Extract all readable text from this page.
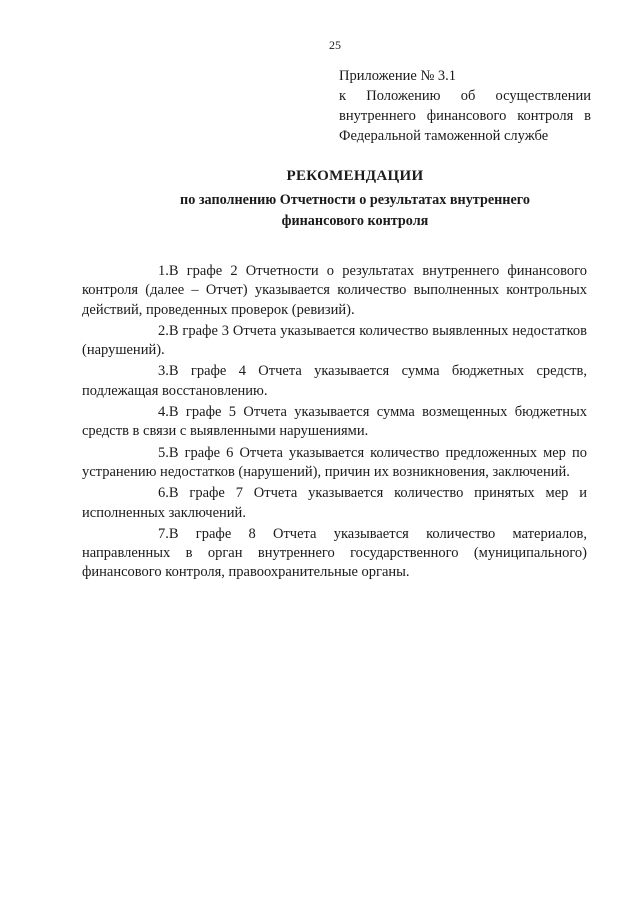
25
Приложение № 3.1
к Положению об осуществлении
внутреннего финансового контроля в
Федеральной таможенной службе
РЕКОМЕНДАЦИИ
по заполнению Отчетности о результатах внутреннего
финансового контроля

1.В графе 2 Отчетности о результатах внутреннего финансового контроля (далее – Отчет) указывается количество выполненных контрольных действий, проведенных проверок (ревизий).

2.В графе 3 Отчета указывается количество выявленных недостатков (нарушений).

3.В графе 4 Отчета указывается сумма бюджетных средств, подлежащая восстановлению.

4.В графе 5 Отчета указывается сумма возмещенных бюджетных средств в связи с выявленными нарушениями.

5.В графе 6 Отчета указывается количество предложенных мер по устранению недостатков (нарушений), причин их возникновения, заключений.

6.В графе 7 Отчета указывается количество принятых мер и исполненных заключений.

7.В графе 8 Отчета указывается количество материалов, направленных в орган внутреннего государственного (муниципального) финансового контроля, правоохранительные органы.
